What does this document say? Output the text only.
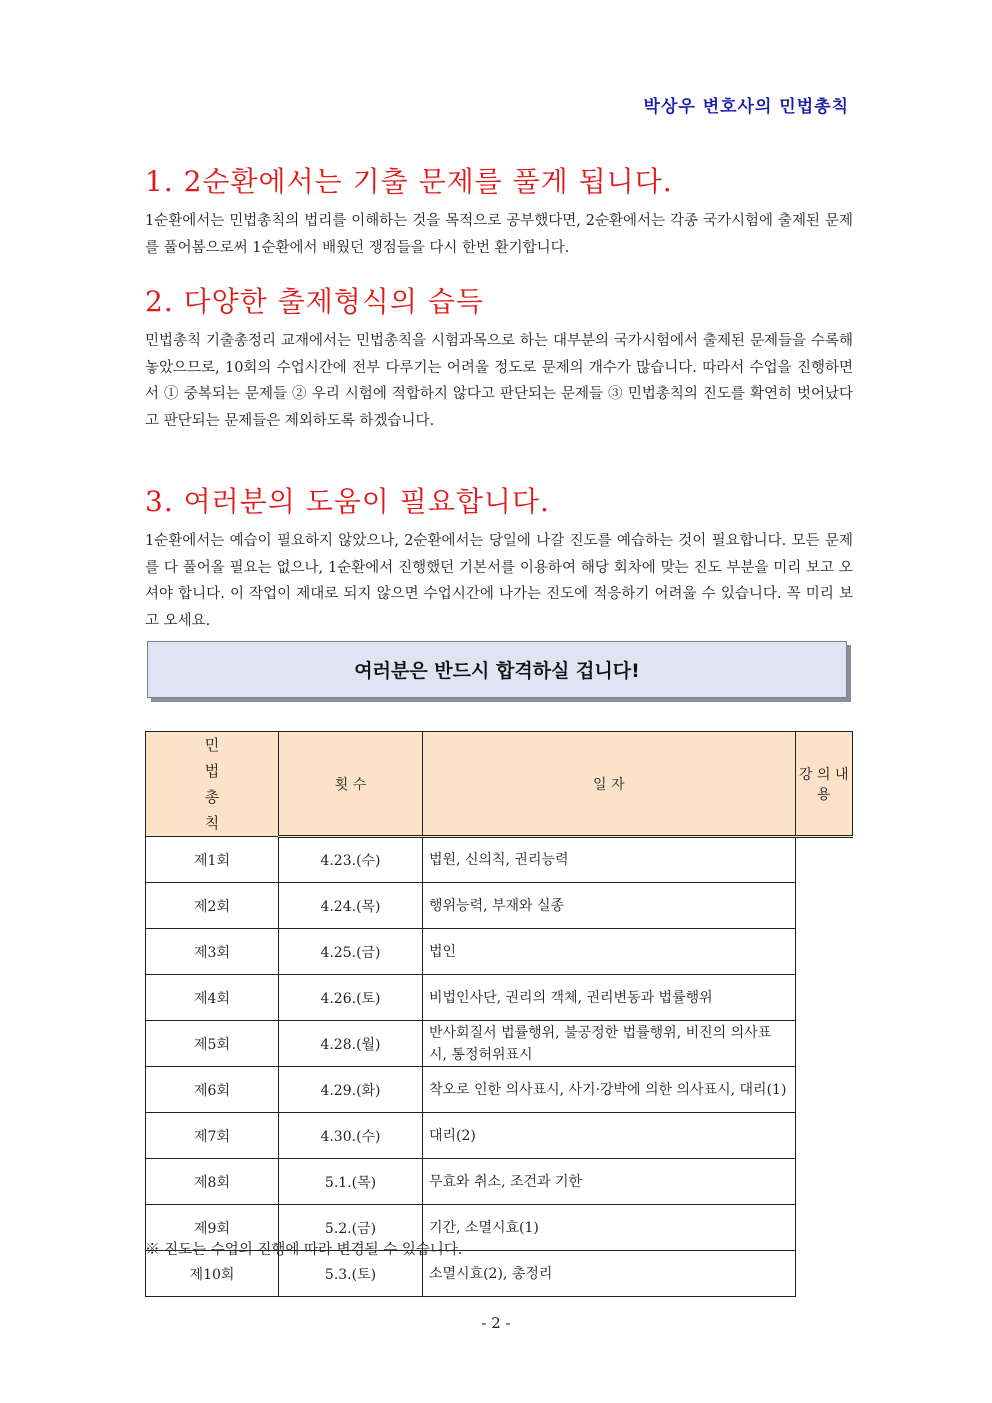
박상우 변호사의 민법총칙
1. 2순환에서는 기출 문제를 풀게 됩니다.

1순환에서는 민법총칙의 법리를 이해하는 것을 목적으로 공부했다면, 2순환에서는 각종 국가시험에 출제된 문제를 풀어봄으로써 1순환에서 배웠던 쟁점들을 다시 한번 환기합니다.

2. 다양한 출제형식의 습득

민법총칙 기출총정리 교재에서는 민법총칙을 시험과목으로 하는 대부분의 국가시험에서 출제된 문제들을 수록해 놓았으므로, 10회의 수업시간에 전부 다루기는 어려울 정도로 문제의 개수가 많습니다. 따라서 수업을 진행하면서 ① 중복되는 문제들 ② 우리 시험에 적합하지 않다고 판단되는 문제들 ③ 민법총칙의 진도를 확연히 벗어났다고 판단되는 문제들은 제외하도록 하겠습니다.

3. 여러분의 도움이 필요합니다.

1순환에서는 예습이 필요하지 않았으나, 2순환에서는 당일에 나갈 진도를 예습하는 것이 필요합니다. 모든 문제를 다 풀어올 필요는 없으나, 1순환에서 진행했던 기본서를 이용하여 해당 회차에 맞는 진도 부분을 미리 보고 오셔야 합니다. 이 작업이 제대로 되지 않으면 수업시간에 나가는 진도에 적응하기 어려울 수 있습니다. 꼭 미리 보고 오세요.

여러분은 반드시 합격하실 겁니다!
민법총칙	횟 수	일 자	강 의 내 용
제1회	4.23.(수)	법원, 신의칙, 권리능력	
제2회	4.24.(목)	행위능력, 부재와 실종	
제3회	4.25.(금)	법인	
제4회	4.26.(토)	비법인사단, 권리의 객체, 권리변동과 법률행위	
제5회	4.28.(월)	반사회질서 법률행위, 불공정한 법률행위, 비진의 의사표시, 통정허위표시	
제6회	4.29.(화)	착오로 인한 의사표시, 사기·강박에 의한 의사표시, 대리(1)	
제7회	4.30.(수)	대리(2)	
제8회	5.1.(목)	무효와 취소, 조건과 기한	
제9회	5.2.(금)	기간, 소멸시효(1)	
제10회	5.3.(토)	소멸시효(2), 총정리	
※ 진도는 수업의 진행에 따라 변경될 수 있습니다.
- 2 -
